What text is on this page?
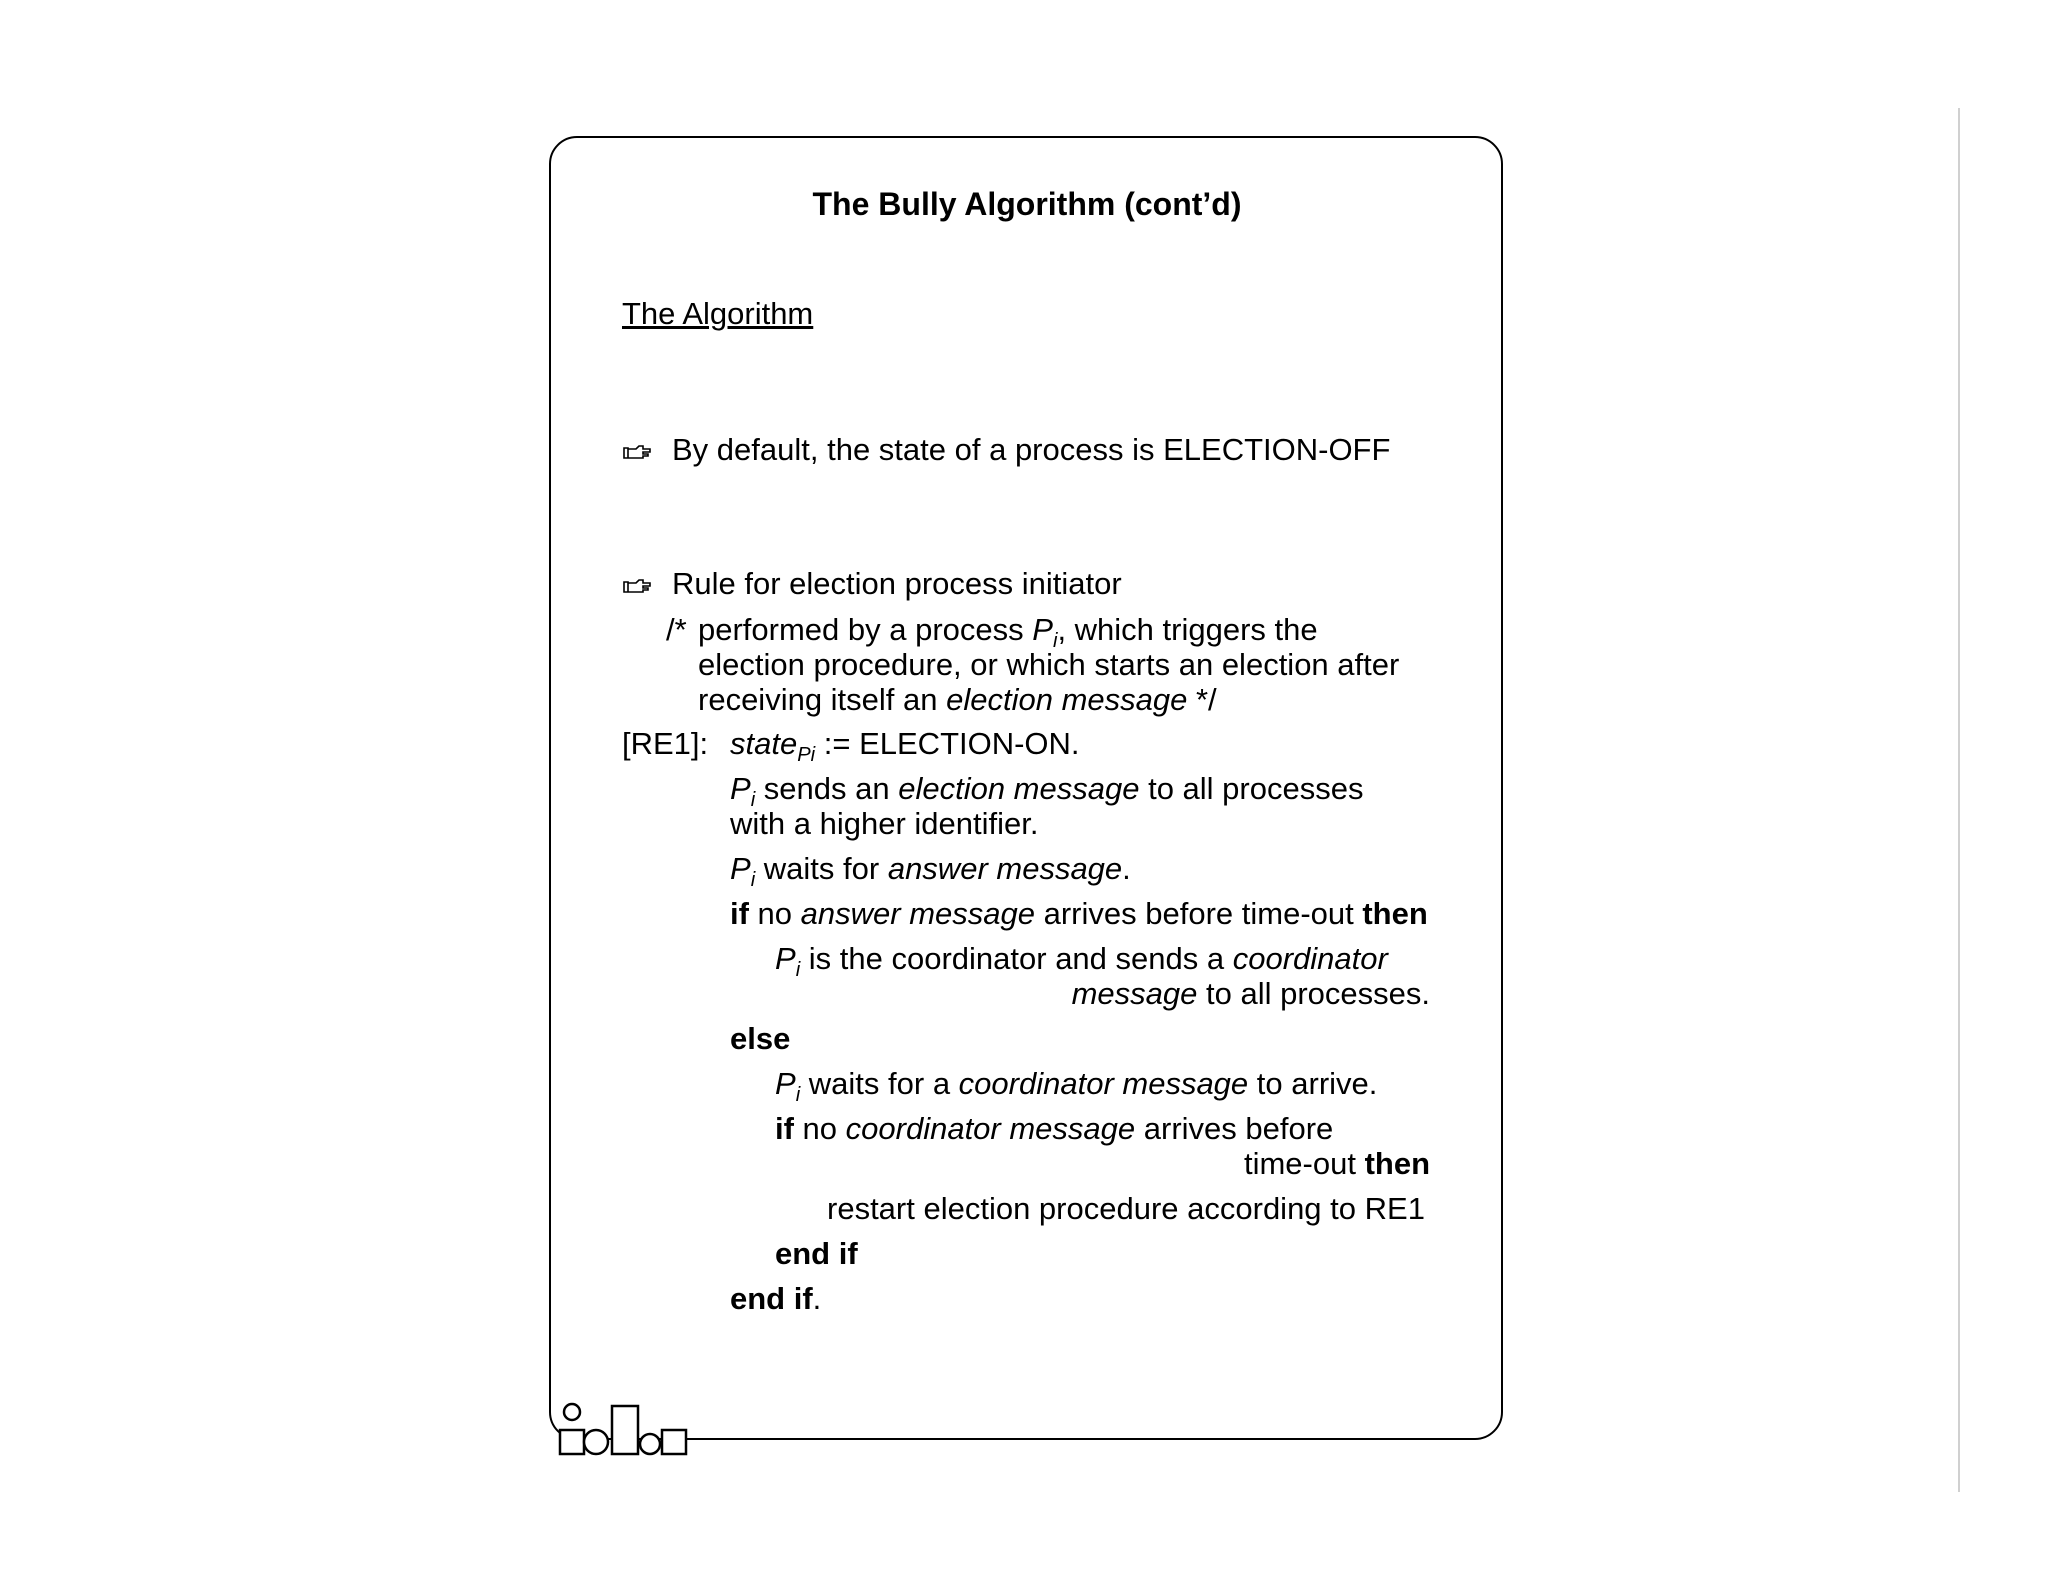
The Bully Algorithm (cont’d)
The Algorithm
By default, the state of a process is ELECTION-OFF
Rule for election process initiator
/* performed by a process $P_i$, which triggers the
election procedure, or which starts an election after
receiving itself an election message */
[RE1]: state$_{Pi}$ := ELECTION-ON.
$P_i$ sends an election message to all processes
with a higher identifier.
$P_i$ waits for answer message.
if no answer message arrives before time-out then
$P_i$ is the coordinator and sends a coordinator
message to all processes.
else
$P_i$ waits for a coordinator message to arrive.
if no coordinator message arrives before
time-out then
restart election procedure according to RE1
end if
end if.
